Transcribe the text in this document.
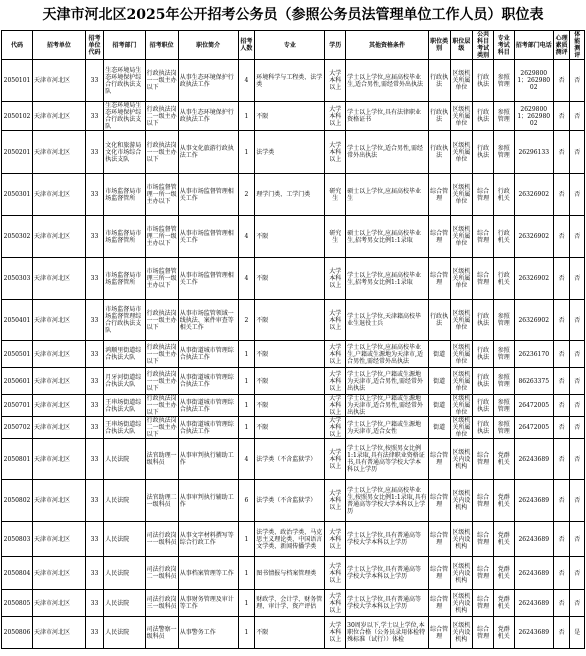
天津市河北区2025年公开招考公务员（参照公务员法管理单位工作人员）职位表
代码	招考单位	招考单位代码	招考部门	招考职位	职位简介	招考人数	专业	学历	其他资格条件	职位类别	职位层级	公共科目考试类别	专业考试科目	招考部门电话	心理素质测评	体能测评
2050101	天津市河北区	33	生态环境局生态环境保护综合行政执法支队	行政执法岗一一级主办以下	从事生态环境保护行政执法工作	4	环境科学与工程类、法学类	大学本科以上	学士以上学位,应届高校毕业生,适合男性,需经常外出执法	行政执法	区级机关所属单位	行政执法	参照管理	26298001；26298002	否	否
2050102	天津市河北区	33	生态环境局生态环境保护综合行政执法支队	行政执法岗二一级主办以下	从事生态环境保护行政执法工作	1	不限	大学本科以上	学士以上学位,具有法律职业资格证书	行政执法	区级机关所属单位	行政执法	参照管理	26298001；26298002	否	否
2050201	天津市河北区	33	文化和旅游局文化市场综合执法支队	行政执法岗一一级主办以下	从事文化旅游行政执法工作	1	法学类	大学本科以上	学士以上学位,适合男性,需经常外出执法	行政执法	区级机关所属单位	行政执法	参照管理	26296133	否	否
2050301	天津市河北区	33	市场监督局市场监督管所	市场监督管理一所一级主办以下	从事市场监督管理相关工作	2	理学门类、工学门类	研究生	硕士以上学位,应届高校毕业生	综合管理	区级机关所属单位	综合管理	行政机关	26326902	否	否
2050302	天津市河北区	33	市场监督局市场监督管所	市场监督管理二所一级主办以下	从事市场监督管理相关工作	4	不限	研究生	硕士以上学位,应届高校毕业生,招考男女比例1:1录取	综合管理	区级机关所属单位	综合管理	行政机关	26326902	否	否
2050303	天津市河北区	33	市场监督局市场监督管所	市场监督管理三所一级主办以下	从事市场监督管理相关工作	4	不限	大学本科以上	学士以上学位,应届高校毕业生,招考男女比例1:1录取	综合管理	区级机关所属单位	综合管理	行政机关	26326902	否	否
2050401	天津市河北区	33	市场监督局市场监督管理综合行政执法支队	行政执法岗一一级主办以下	从事市场监管领域一线执法、案件审查等相关工作	2	不限	大学本科以上	学士以上学位,天津籍高校毕业生退役士兵	行政执法	区级机关所属单位	行政执法	参照管理	26326902	否	否
2050501	天津市河北区	33	鸿顺里街道综合执法大队	行政执法岗一一级主办以下	从事街道城市管理综合执法工作	1	不限	大学本科以上	学士以上学位,应届高校毕业生,户籍或生源地为天津市,适合男性,需经常外出执法	街道	区级机关所属单位	行政执法	参照管理	26236170	否	否
2050601	天津市河北区	33	月牙河街道综合执法大队	行政执法岗一一级主办以下	从事街道城市管理综合执法工作	1	不限	大学本科以上	学士以上学位,户籍或生源地为天津市,适合男性,需经常外出执法	街道	区级机关所属单位	行政执法	参照管理	86263375	否	否
2050701	天津市河北区	33	王串场街道综合执法大队	行政执法岗一一级主办以下	从事街道城市管理综合执法工作	1	不限	大学本科以上	学士以上学位,户籍或生源地为天津市,适合男性,需经常外出执法	街道	区级机关所属单位	行政执法	参照管理	26472005	否	否
2050702	天津市河北区	33	王串场街道综合执法大队	行政执法岗二一级主办以下	从事街道城市管理综合执法工作	1	不限	大学本科以上	学士以上学位,户籍或生源地为天津市,适合女性	街道	区级机关所属单位	行政执法	参照管理	26472005	否	否
2050801	天津市河北区	33	人民法院	法官助理一级科员	从事审判执行辅助工作	4	法学类（不含监狱学）	大学本科以上	学士以上学位,按照男女比例1:1录取,具有法律职业资格证书,具有普通高等学校大学本科以上学历	综合管理	区级机关内设机构	综合管理	党群机关	26243689	否	否
2050802	天津市河北区	33	人民法院	法官助理二一级科员	从事审判执行辅助工作	6	法学类（不含监狱学）	大学本科以上	学士以上学位,应届高校毕业生,按照男女比例1:1录取,具有普通高等学校大学本科以上学历	综合管理	区级机关内设机构	综合管理	党群机关	26243689	否	否
2050803	天津市河北区	33	人民法院	司法行政岗一一级科员	从事文字材料撰写等综合行政工作	1	法学类、政治学类、马克思主义理论类、中国语言文学类、新闻传播学类	大学本科以上	学士以上学位,具有普通高等学校大学本科以上学历	综合管理	区级机关内设机构	综合管理	党群机关	26243689	否	否
2050804	天津市河北区	33	人民法院	司法行政岗二一级科员	从事档案管理等工作	1	图书情报与档案管理类	大学本科以上	学士以上学位,具有普通高等学校大学本科以上学历	综合管理	区级机关内设机构	综合管理	党群机关	26243689	否	否
2050805	天津市河北区	33	人民法院	司法行政岗三一级科员	从事财务管理及审计等工作	1	财政学、会计学、财务管理、审计学、资产评估	大学本科以上	学士以上学位,具有普通高等学校大学本科以上学历	综合管理	区级机关内设机构	综合管理	党群机关	26243689	否	否
2050806	天津市河北区	33	人民法院	司法警察一级科员	从事警务工作	1	不限	大学本科以上	30周岁以下,学士以上学位,本职位合格（公务员录用体检特殊标准（试行））体检	综合管理	区级机关内设机构	综合管理	党群机关	26243689	否	是
